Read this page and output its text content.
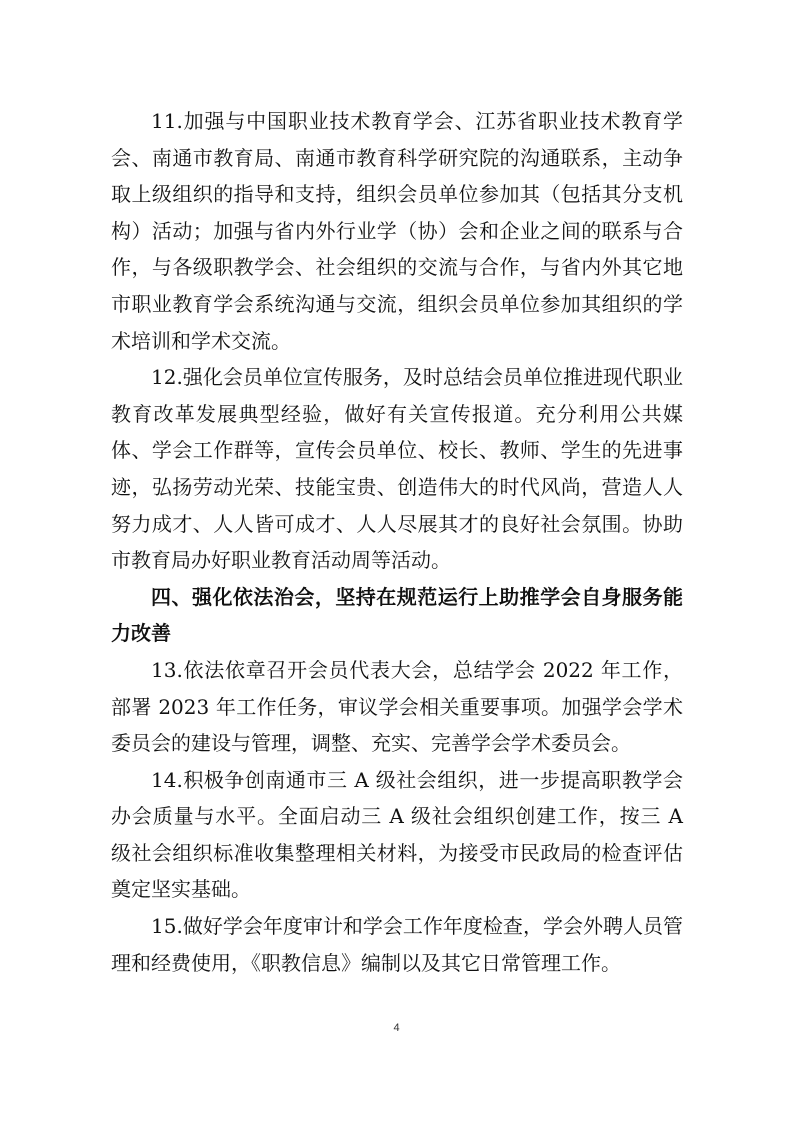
11.加强与中国职业技术教育学会、江苏省职业技术教育学会、南通市教育局、南通市教育科学研究院的沟通联系，主动争取上级组织的指导和支持，组织会员单位参加其（包括其分支机构）活动；加强与省内外行业学（协）会和企业之间的联系与合作，与各级职教学会、社会组织的交流与合作，与省内外其它地市职业教育学会系统沟通与交流，组织会员单位参加其组织的学术培训和学术交流。

12.强化会员单位宣传服务，及时总结会员单位推进现代职业教育改革发展典型经验，做好有关宣传报道。充分利用公共媒体、学会工作群等，宣传会员单位、校长、教师、学生的先进事迹，弘扬劳动光荣、技能宝贵、创造伟大的时代风尚，营造人人努力成才、人人皆可成才、人人尽展其才的良好社会氛围。协助市教育局办好职业教育活动周等活动。

四、强化依法治会，坚持在规范运行上助推学会自身服务能力改善

13.依法依章召开会员代表大会，总结学会 2022 年工作，部署 2023 年工作任务，审议学会相关重要事项。加强学会学术委员会的建设与管理，调整、充实、完善学会学术委员会。

14.积极争创南通市三 A 级社会组织，进一步提高职教学会办会质量与水平。全面启动三 A 级社会组织创建工作，按三 A 级社会组织标准收集整理相关材料，为接受市民政局的检查评估奠定坚实基础。

15.做好学会年度审计和学会工作年度检查，学会外聘人员管理和经费使用，《职教信息》编制以及其它日常管理工作。

4
